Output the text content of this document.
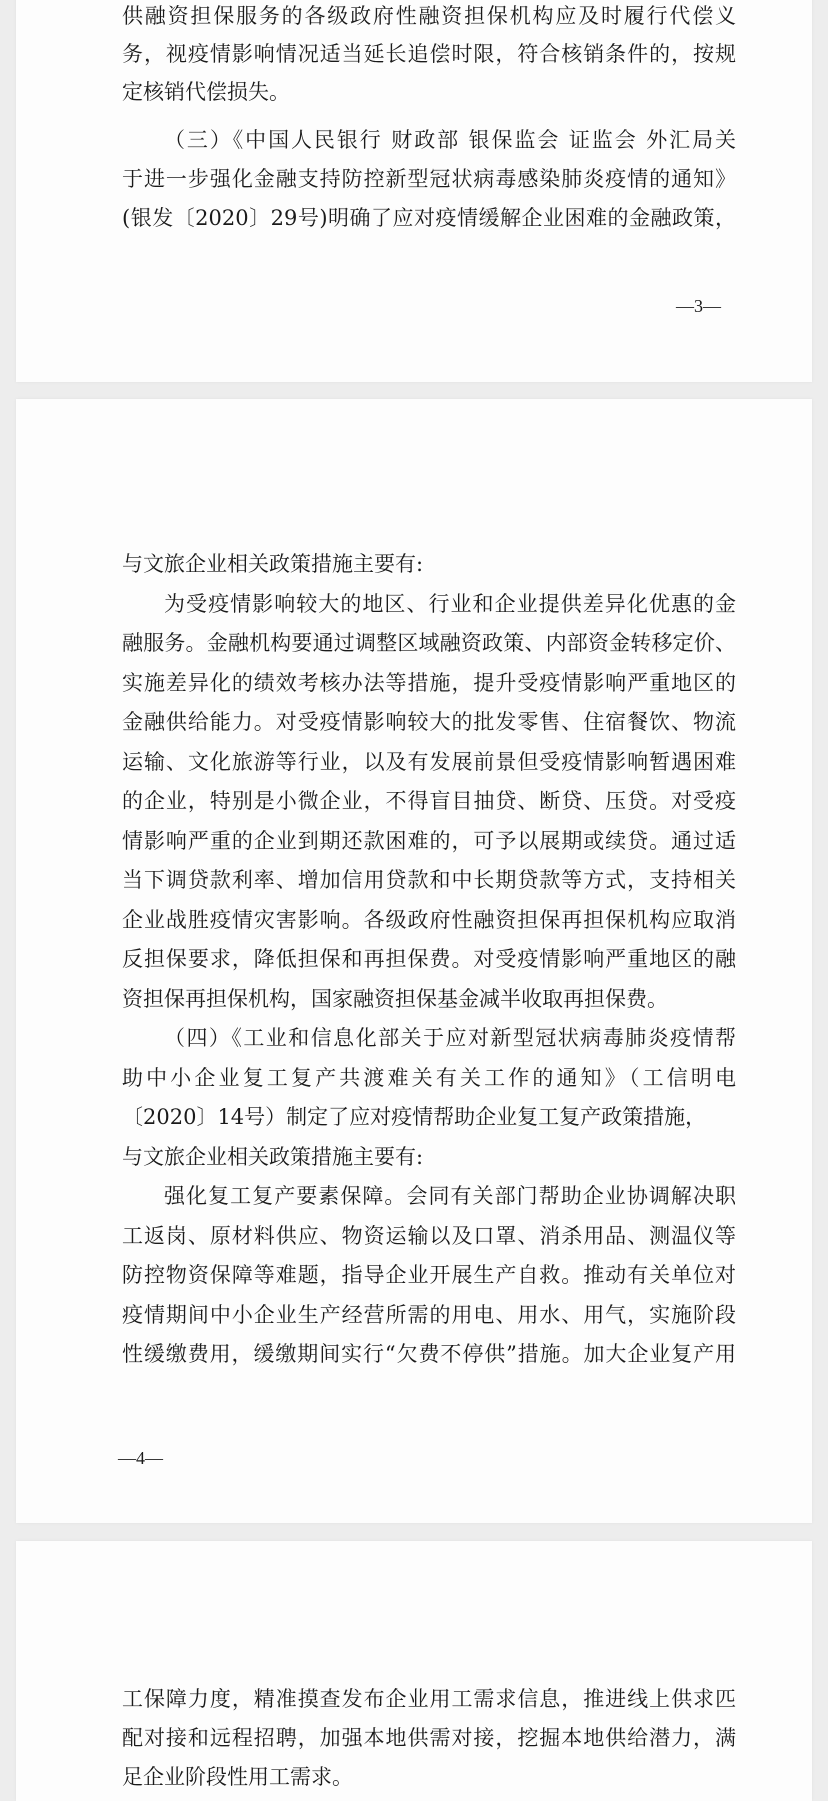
供融资担保服务的各级政府性融资担保机构应及时履行代偿义
务，视疫情影响情况适当延长追偿时限，符合核销条件的，按规
定核销代偿损失。
（三）《中国人民银行 财政部 银保监会 证监会 外汇局关
于进一步强化金融支持防控新型冠状病毒感染肺炎疫情的通知》
(银发〔2020〕29号)明确了应对疫情缓解企业困难的金融政策，
—3—
与文旅企业相关政策措施主要有:
为受疫情影响较大的地区、行业和企业提供差异化优惠的金
融服务。金融机构要通过调整区域融资政策、内部资金转移定价、
实施差异化的绩效考核办法等措施，提升受疫情影响严重地区的
金融供给能力。对受疫情影响较大的批发零售、住宿餐饮、物流
运输、文化旅游等行业，以及有发展前景但受疫情影响暂遇困难
的企业，特别是小微企业，不得盲目抽贷、断贷、压贷。对受疫
情影响严重的企业到期还款困难的，可予以展期或续贷。通过适
当下调贷款利率、增加信用贷款和中长期贷款等方式，支持相关
企业战胜疫情灾害影响。各级政府性融资担保再担保机构应取消
反担保要求，降低担保和再担保费。对受疫情影响严重地区的融
资担保再担保机构，国家融资担保基金减半收取再担保费。
（四）《工业和信息化部关于应对新型冠状病毒肺炎疫情帮
助中小企业复工复产共渡难关有关工作的通知》（工信明电
〔2020〕14号）制定了应对疫情帮助企业复工复产政策措施，
与文旅企业相关政策措施主要有:
强化复工复产要素保障。会同有关部门帮助企业协调解决职
工返岗、原材料供应、物资运输以及口罩、消杀用品、测温仪等
防控物资保障等难题，指导企业开展生产自救。推动有关单位对
疫情期间中小企业生产经营所需的用电、用水、用气，实施阶段
性缓缴费用，缓缴期间实行“欠费不停供”措施。加大企业复产用
—4—
工保障力度，精准摸查发布企业用工需求信息，推进线上供求匹
配对接和远程招聘，加强本地供需对接，挖掘本地供给潜力，满
足企业阶段性用工需求。
